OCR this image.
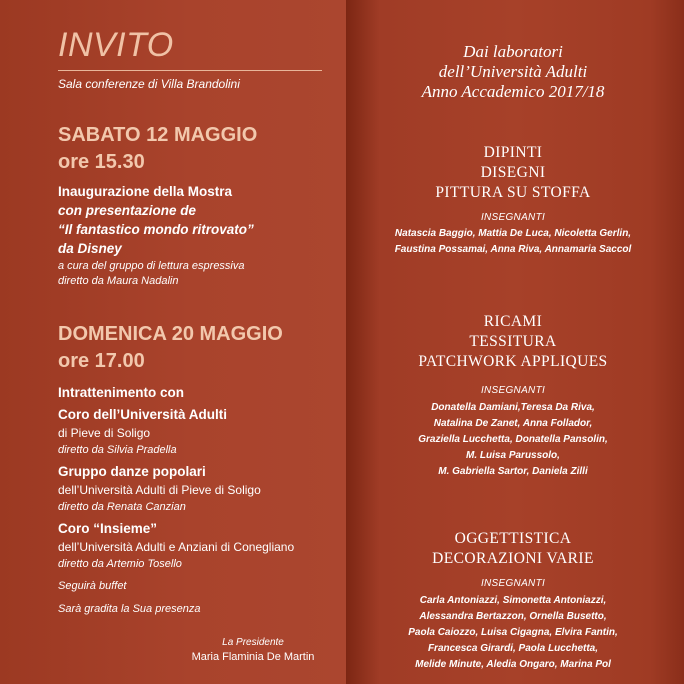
INVITO
Sala conferenze di Villa Brandolini
SABATO 12 MAGGIO
ore 15.30
Inaugurazione della Mostra
con presentazione de
“Il fantastico mondo ritrovato”
da Disney
a cura del gruppo di lettura espressiva
diretto da Maura Nadalin
DOMENICA 20 MAGGIO
ore 17.00
Intrattenimento con
Coro dell’Università Adulti
di Pieve di Soligo
diretto da Silvia Pradella
Gruppo danze popolari
dell’Università Adulti di Pieve di Soligo
diretto da Renata Canzian
Coro “Insieme”
dell’Università Adulti e Anziani di Conegliano
diretto da Artemio Tosello
Seguirà buffet
Sarà gradita la Sua presenza
La Presidente
Maria Flaminia De Martin
Dai laboratori
dell’Università Adulti
Anno Accademico 2017/18
DIPINTI
DISEGNI
PITTURA SU STOFFA
INSEGNANTI
Natascia Baggio, Mattia De Luca, Nicoletta Gerlin,
Faustina Possamai, Anna Riva, Annamaria Saccol
RICAMI
TESSITURA
PATCHWORK APPLIQUES
INSEGNANTI
Donatella Damiani,Teresa Da Riva,
Natalina De Zanet, Anna Follador,
Graziella Lucchetta, Donatella Pansolin,
M. Luisa Parussolo,
M. Gabriella Sartor, Daniela Zilli
OGGETTISTICA
DECORAZIONI VARIE
INSEGNANTI
Carla Antoniazzi, Simonetta Antoniazzi,
Alessandra Bertazzon, Ornella Busetto,
Paola Caiozzo, Luisa Cigagna, Elvira Fantin,
Francesca Girardi, Paola Lucchetta,
Melide Minute, Aledia Ongaro, Marina Pol
